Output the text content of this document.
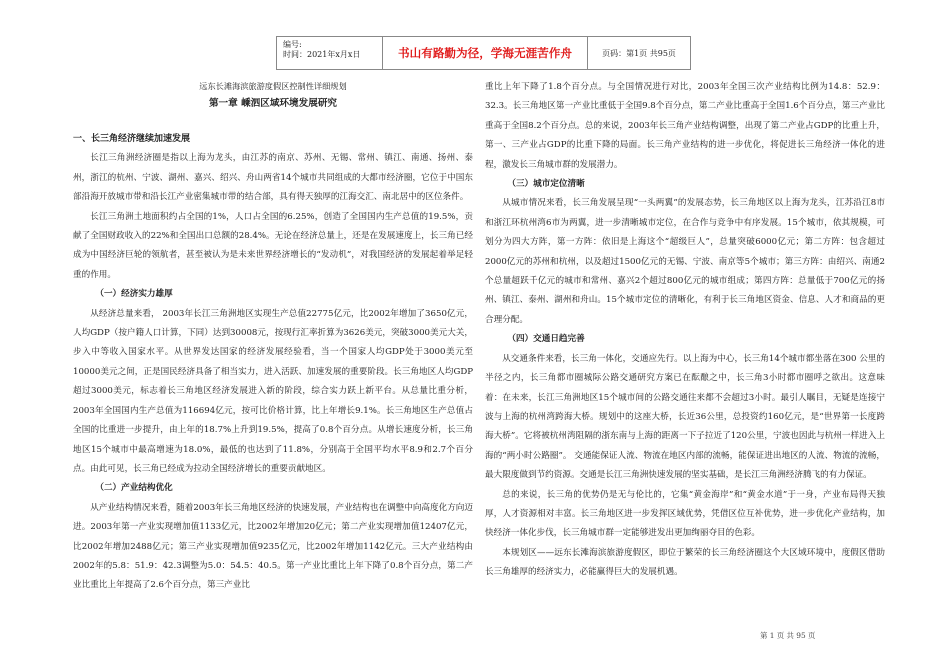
编号:
时间：2021年x月x日	书山有路勤为径，学海无涯苦作舟	页码：第1页 共95页

远东长滩海滨旅游度假区控制性详细规划

第一章 嵊泗区域环境发展研究

一、长三角经济继续加速发展

长江三角洲经济圈是指以上海为龙头，由江苏的南京、苏州、无锡、常州、镇江、南通、扬州、泰州，浙江的杭州、宁波、湖州、嘉兴、绍兴、舟山两省14个城市共同组成的大都市经济圈，它位于中国东部沿海开放城市带和沿长江产业密集城市带的结合部，具有得天独厚的江海交汇、南北居中的区位条件。

长江三角洲土地面积约占全国的1%，人口占全国的6.25%，创造了全国国内生产总值的19.5%，贡献了全国财政收入的22%和全国出口总额的28.4%。无论在经济总量上，还是在发展速度上，长三角已经成为中国经济巨轮的领航者，甚至被认为是未来世界经济增长的“发动机”，对我国经济的发展起着举足轻重的作用。

（一）经济实力雄厚

从经济总量来看， 2003年长江三角洲地区实现生产总值22775亿元，比2002年增加了3650亿元，人均GDP（按户籍人口计算，下同）达到30008元，按现行汇率折算为3626美元，突破3000美元大关，步入中等收入国家水平。从世界发达国家的经济发展经验看，当一个国家人均GDP处于3000美元至10000美元之间，正是国民经济具备了相当实力，进入活跃、加速发展的重要阶段。长三角地区人均GDP超过3000美元，标志着长三角地区经济发展进入新的阶段，综合实力跃上新平台。从总量比重分析， 2003年全国国内生产总值为116694亿元，按可比价格计算，比上年增长9.1%。长三角地区生产总值占全国的比重进一步提升，由上年的18.7%上升到19.5%，提高了0.8个百分点。从增长速度分析，长三角地区15个城市中最高增速为18.0%，最低的也达到了11.8%，分别高于全国平均水平8.9和2.7个百分点。由此可见，长三角已经成为拉动全国经济增长的重要贡献地区。

（二）产业结构优化

从产业结构情况来看，随着2003年长三角地区经济的快速发展，产业结构也在调整中向高度化方向迈进。2003年第一产业实现增加值1133亿元，比2002年增加20亿元；第二产业实现增加值12407亿元，比2002年增加2488亿元；第三产业实现增加值9235亿元，比2002年增加1142亿元。三大产业结构由2002年的5.8：51.9：42.3调整为5.0：54.5：40.5。第一产业比重比上年下降了0.8个百分点，第二产业比重比上年提高了2.6个百分点，第三产业比

重比上年下降了1.8个百分点。与全国情况进行对比，2003年全国三次产业结构比例为14.8：52.9：32.3。长三角地区第一产业比重低于全国9.8个百分点，第二产业比重高于全国1.6个百分点，第三产业比重高于全国8.2个百分点。总的来说，2003年长三角产业结构调整，出现了第二产业占GDP的比重上升，第一、三产业占GDP的比重下降的局面。长三角产业结构的进一步优化，将促进长三角经济一体化的进程，激发长三角城市群的发展潜力。

（三）城市定位清晰

从城市情况来看，长三角发展呈现“一头两翼”的发展态势，长三角地区以上海为龙头，江苏沿江8市和浙江环杭州湾6市为两翼，进一步清晰城市定位，在合作与竞争中有序发展。15个城市，依其规模，可划分为四大方阵，第一方阵：依旧是上海这个“超级巨人”，总量突破6000亿元；第二方阵：包含超过2000亿元的苏州和杭州，以及超过1500亿元的无锡、宁波、南京等5个城市；第三方阵：由绍兴、南通2个总量超跃千亿元的城市和常州、嘉兴2个超过800亿元的城市组成；第四方阵：总量低于700亿元的扬州、镇江、泰州、湖州和舟山。15个城市定位的清晰化，有利于长三角地区资金、信息、人才和商品的更合理分配。

（四）交通日趋完善

从交通条件来看，长三角一体化，交通应先行。以上海为中心，长三角14个城市都坐落在300 公里的半径之内，长三角都市圈城际公路交通研究方案已在酝酿之中，长三角3小时都市圈呼之欲出。这意味着：在未来，长江三角洲地区15个城市间的公路交通往来都不会超过3小时。最引人瞩目，无疑是连接宁波与上海的杭州湾跨海大桥。规划中的这座大桥，长近36公里，总投资约160亿元，是“世界第一长度跨海大桥”。它将被杭州湾阻隔的浙东南与上海的距离一下子拉近了120公里，宁波也因此与杭州一样进入上海的“两小时公路圈”。 交通能保证人流、物流在地区内部的流畅，能保证进出地区的人流、物流的流畅，最大限度做到节约资源。交通是长江三角洲快速发展的坚实基础，是长江三角洲经济腾飞的有力保证。

总的来说，长三角的优势仍是无与伦比的，它集“黄金海岸”和“黄金水道”于一身，产业布局得天独厚，人才资源相对丰富。长三角地区进一步发挥区域优势，凭借区位互补优势，进一步优化产业结构，加快经济一体化步伐，长三角城市群一定能够进发出更加绚丽夺目的色彩。

本规划区——远东长滩海滨旅游度假区，即位于繁荣的长三角经济圈这个大区域环境中，度假区借助长三角雄厚的经济实力，必能赢得巨大的发展机遇。

第 1 页 共 95 页
